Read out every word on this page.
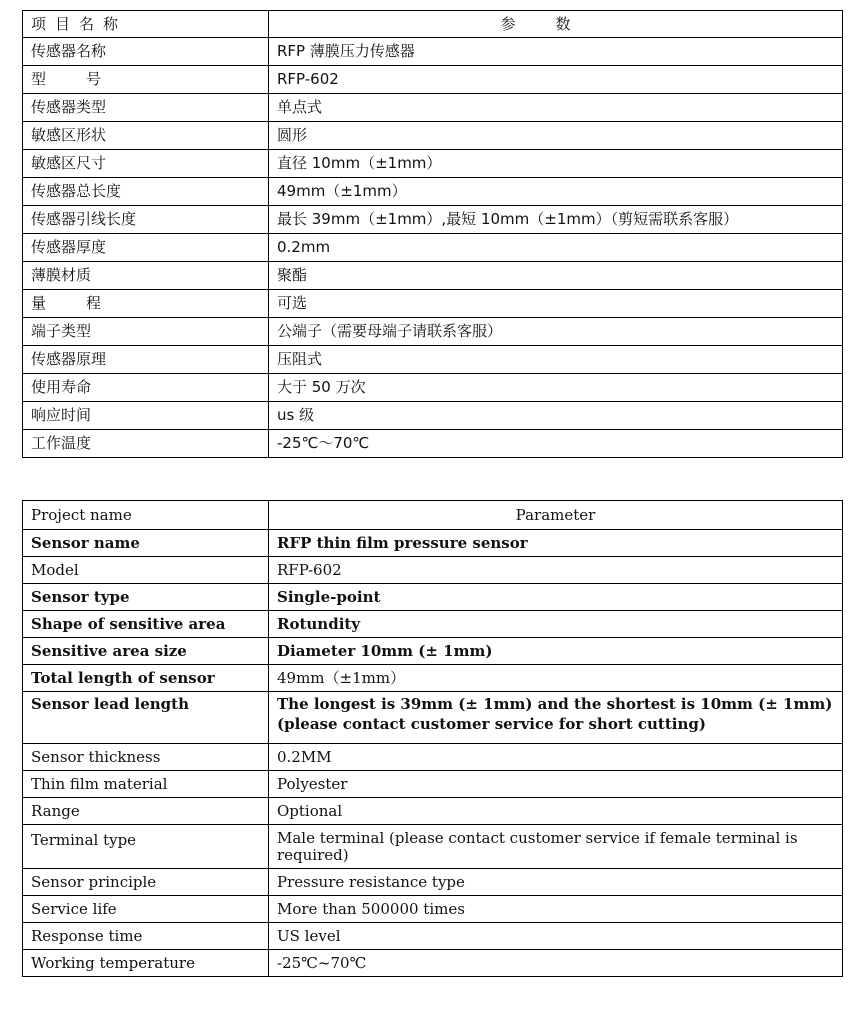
项目名称	参数
传感器名称	RFP 薄膜压力传感器
型号	RFP-602
传感器类型	单点式
敏感区形状	圆形
敏感区尺寸	直径 10mm（±1mm）
传感器总长度	49mm（±1mm）
传感器引线长度	最长 39mm（±1mm）,最短 10mm（±1mm）（剪短需联系客服）
传感器厚度	0.2mm
薄膜材质	聚酯
量程	可选
端子类型	公端子（需要母端子请联系客服）
传感器原理	压阻式
使用寿命	大于 50 万次
响应时间	us 级
工作温度	-25℃～70℃
Project name	Parameter
Sensor name	RFP thin film pressure sensor
Model	RFP-602
Sensor type	Single-point
Shape of sensitive area	Rotundity
Sensitive area size	Diameter 10mm (± 1mm)
Total length of sensor	49mm（±1mm）
Sensor lead length	The longest is 39mm (± 1mm) and the shortest is 10mm (± 1mm) (please contact customer service for short cutting)
Sensor thickness	0.2MM
Thin film material	Polyester
Range	Optional
Terminal type	Male terminal (please contact customer service if female terminal is required)
Sensor principle	Pressure resistance type
Service life	More than 500000 times
Response time	US level
Working temperature	-25℃~70℃
